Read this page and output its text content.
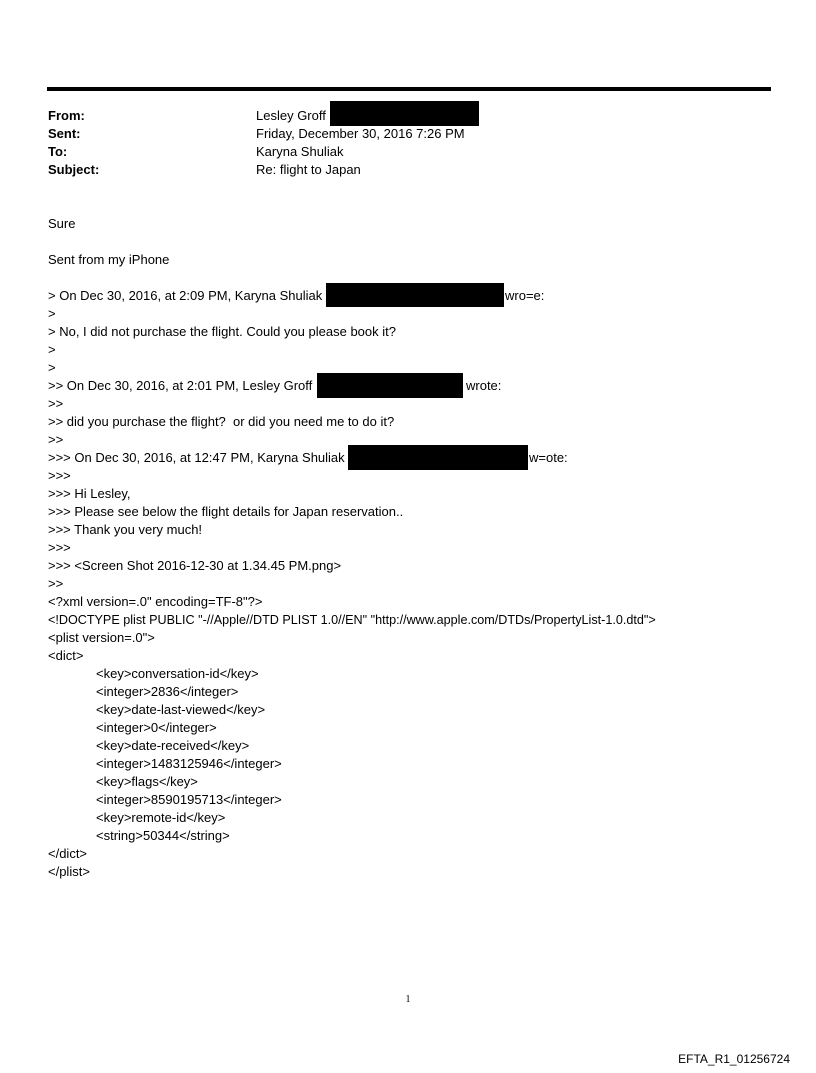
From:	Lesley Groff
Sent:	Friday, December 30, 2016 7:26 PM
To:	Karyna Shuliak
Subject:	Re: flight to Japan
Sure
Sent from my iPhone
> On Dec 30, 2016, at 2:09 PM, Karyna Shuliak	wro=e:
>
> No, I did not purchase the flight. Could you please book it?
>
>
>> On Dec 30, 2016, at 2:01 PM, Lesley Groff	wrote:
>>
>> did you purchase the flight?  or did you need me to do it?
>>
>>> On Dec 30, 2016, at 12:47 PM, Karyna Shuliak	w=ote:
>>>
>>> Hi Lesley,
>>> Please see below the flight details for Japan reservation..
>>> Thank you very much!
>>>
>>> <Screen Shot 2016-12-30 at 1.34.45 PM.png>
>>
<?xml version=.0" encoding=TF-8"?>
<!DOCTYPE plist PUBLIC "-//Apple//DTD PLIST 1.0//EN" "http://www.apple.com/DTDs/PropertyList-1.0.dtd">
<plist version=.0">
<dict>
<key>conversation-id</key>
<integer>2836</integer>
<key>date-last-viewed</key>
<integer>0</integer>
<key>date-received</key>
<integer>1483125946</integer>
<key>flags</key>
<integer>8590195713</integer>
<key>remote-id</key>
<string>50344</string>
</dict>
</plist>
1
EFTA_R1_01256724
